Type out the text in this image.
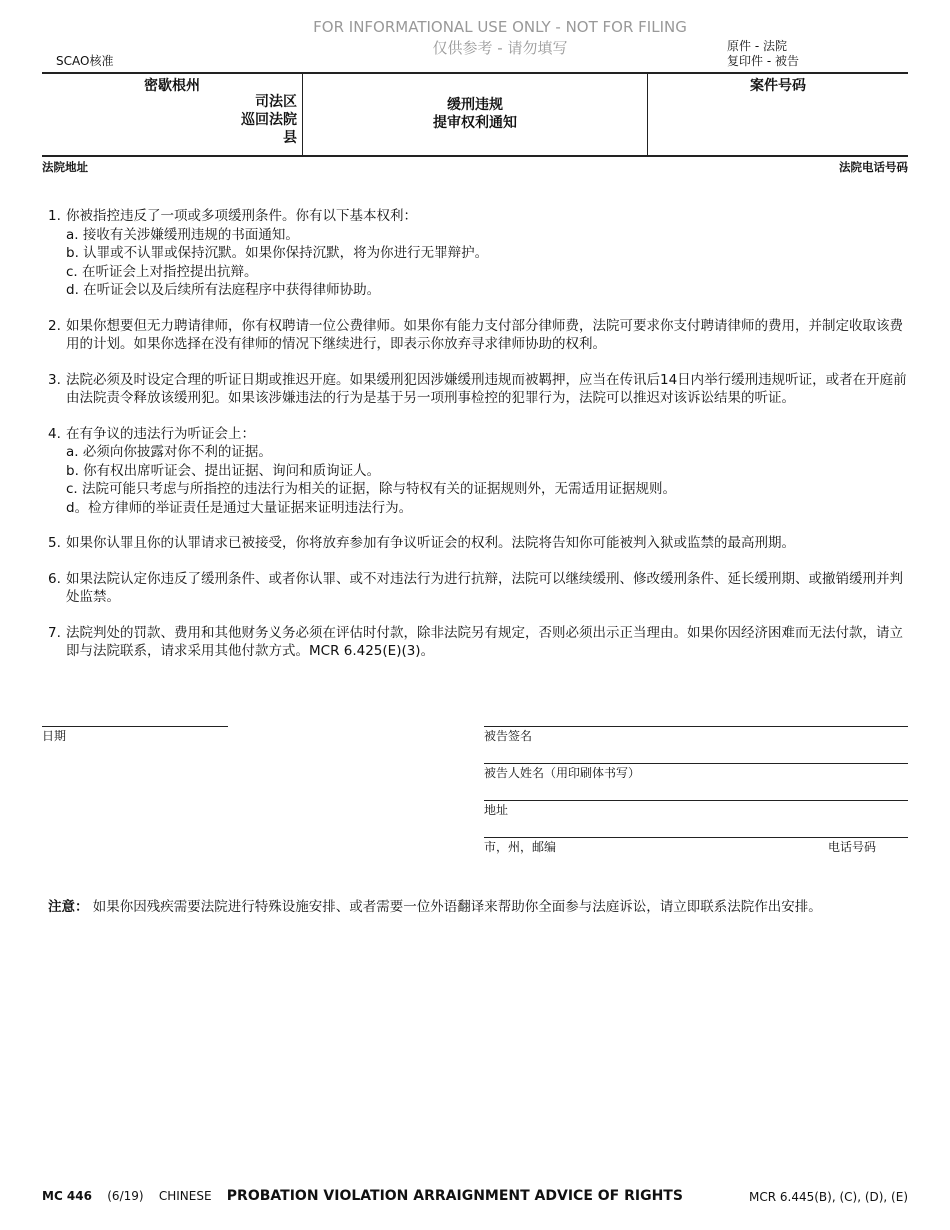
FOR INFORMATIONAL USE ONLY - NOT FOR FILING
仅供参考 - 请勿填写
SCAO核准
原件 - 法院
复印件 - 被告
密歇根州
司法区
巡回法院
县
缓刑违规
提审权利通知
案件号码
法院地址	法院电话号码
1. 你被指控违反了一项或多项缓刑条件。你有以下基本权利：
a. 接收有关涉嫌缓刑违规的书面通知。
b. 认罪或不认罪或保持沉默。如果你保持沉默，将为你进行无罪辩护。
c. 在听证会上对指控提出抗辩。
d. 在听证会以及后续所有法庭程序中获得律师协助。
2. 如果你想要但无力聘请律师，你有权聘请一位公费律师。如果你有能力支付部分律师费，法院可要求你支付聘请律师的费用，并制定收取该费用的计划。如果你选择在没有律师的情况下继续进行，即表示你放弃寻求律师协助的权利。
3. 法院必须及时设定合理的听证日期或推迟开庭。如果缓刑犯因涉嫌缓刑违规而被羁押，应当在传讯后14日内举行缓刑违规听证，或者在开庭前由法院责令释放该缓刑犯。如果该涉嫌违法的行为是基于另一项刑事检控的犯罪行为，法院可以推迟对该诉讼结果的听证。
4. 在有争议的违法行为听证会上：
a. 必须向你披露对你不利的证据。
b. 你有权出席听证会、提出证据、询问和质询证人。
c. 法院可能只考虑与所指控的违法行为相关的证据，除与特权有关的证据规则外，无需适用证据规则。
d。检方律师的举证责任是通过大量证据来证明违法行为。
5. 如果你认罪且你的认罪请求已被接受，你将放弃参加有争议听证会的权利。法院将告知你可能被判入狱或监禁的最高刑期。
6. 如果法院认定你违反了缓刑条件、或者你认罪、或不对违法行为进行抗辩，法院可以继续缓刑、修改缓刑条件、延长缓刑期、或撤销缓刑并判处监禁。
7. 法院判处的罚款、费用和其他财务义务必须在评估时付款，除非法院另有规定，否则必须出示正当理由。如果你因经济困难而无法付款，请立即与法院联系，请求采用其他付款方式。MCR 6.425(E)(3)。
日期	被告签名
被告人姓名（用印刷体书写）
地址
市，州，邮编	电话号码
注意： 如果你因残疾需要法院进行特殊设施安排、或者需要一位外语翻译来帮助你全面参与法庭诉讼，请立即联系法院作出安排。
MC 446 (6/19) CHINESE PROBATION VIOLATION ARRAIGNMENT ADVICE OF RIGHTS	MCR 6.445(B), (C), (D), (E)
